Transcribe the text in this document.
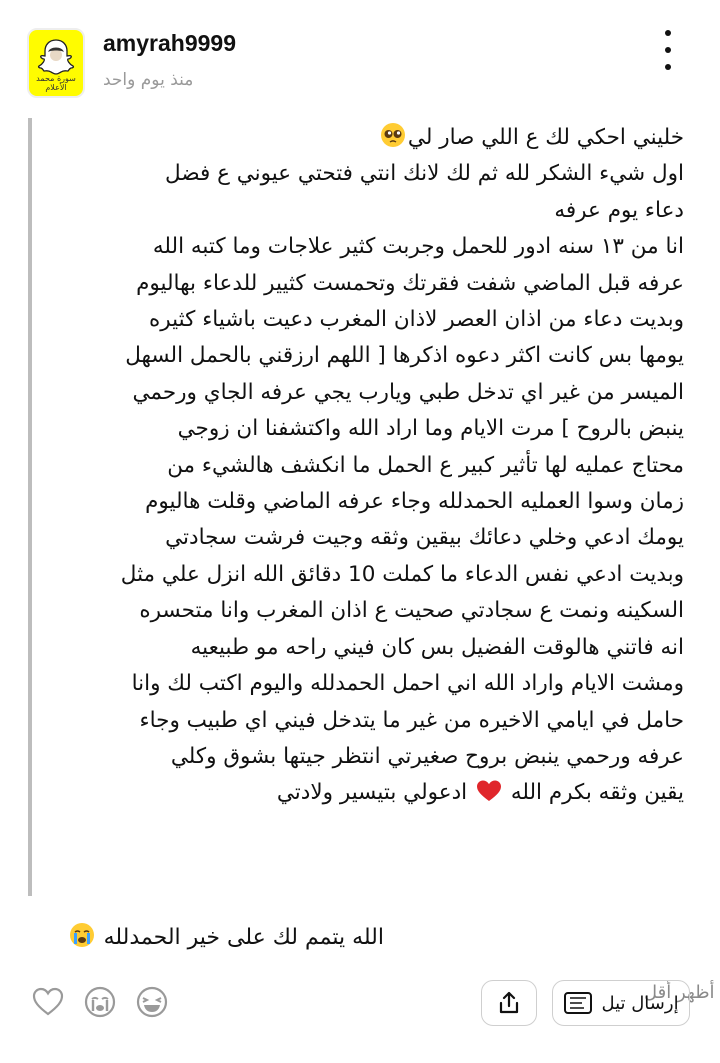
سورة محمد الأعلام
amyrah9999
منذ يوم واحد
خليني احكي لك ع اللي صار لي
اول شيء الشكر لله ثم لك لانك انتي فتحتي عيوني ع فضل
دعاء يوم عرفه
انا من ١٣ سنه ادور للحمل وجربت كثير علاجات وما كتبه الله
عرفه قبل الماضي شفت فقرتك وتحمست كثيير للدعاء بهاليوم
وبديت دعاء من اذان العصر لاذان المغرب دعيت باشياء كثيره
يومها بس كانت اكثر دعوه اذكرها [ اللهم ارزقني بالحمل السهل
الميسر من غير اي تدخل طبي ويارب يجي عرفه الجاي ورحمي
ينبض بالروح ] مرت الايام وما اراد الله واكتشفنا ان زوجي
محتاج عمليه لها تأثير كبير ع الحمل ما انكشف هالشيء من
زمان وسوا العمليه الحمدلله وجاء عرفه الماضي وقلت هاليوم
يومك ادعي وخلي دعائك بيقين وثقه وجيت فرشت سجادتي
وبديت ادعي نفس الدعاء ما كملت 10 دقائق الله انزل علي مثل
السكينه ونمت ع سجادتي صحيت ع اذان المغرب وانا متحسره
انه فاتني هالوقت الفضيل بس كان فيني راحه مو طبيعيه
ومشت الايام واراد الله اني احمل الحمدلله واليوم اكتب لك وانا
حامل في ايامي الاخيره من غير ما يتدخل فيني اي طبيب وجاء
عرفه ورحمي ينبض بروح صغيرتي انتظر جيتها بشوق وكلي
يقين وثقه بكرم الله  ادعولي بتيسير ولادتي
أظهر أقل
الله يتمم لك على خير الحمدلله
إرسال تيل
